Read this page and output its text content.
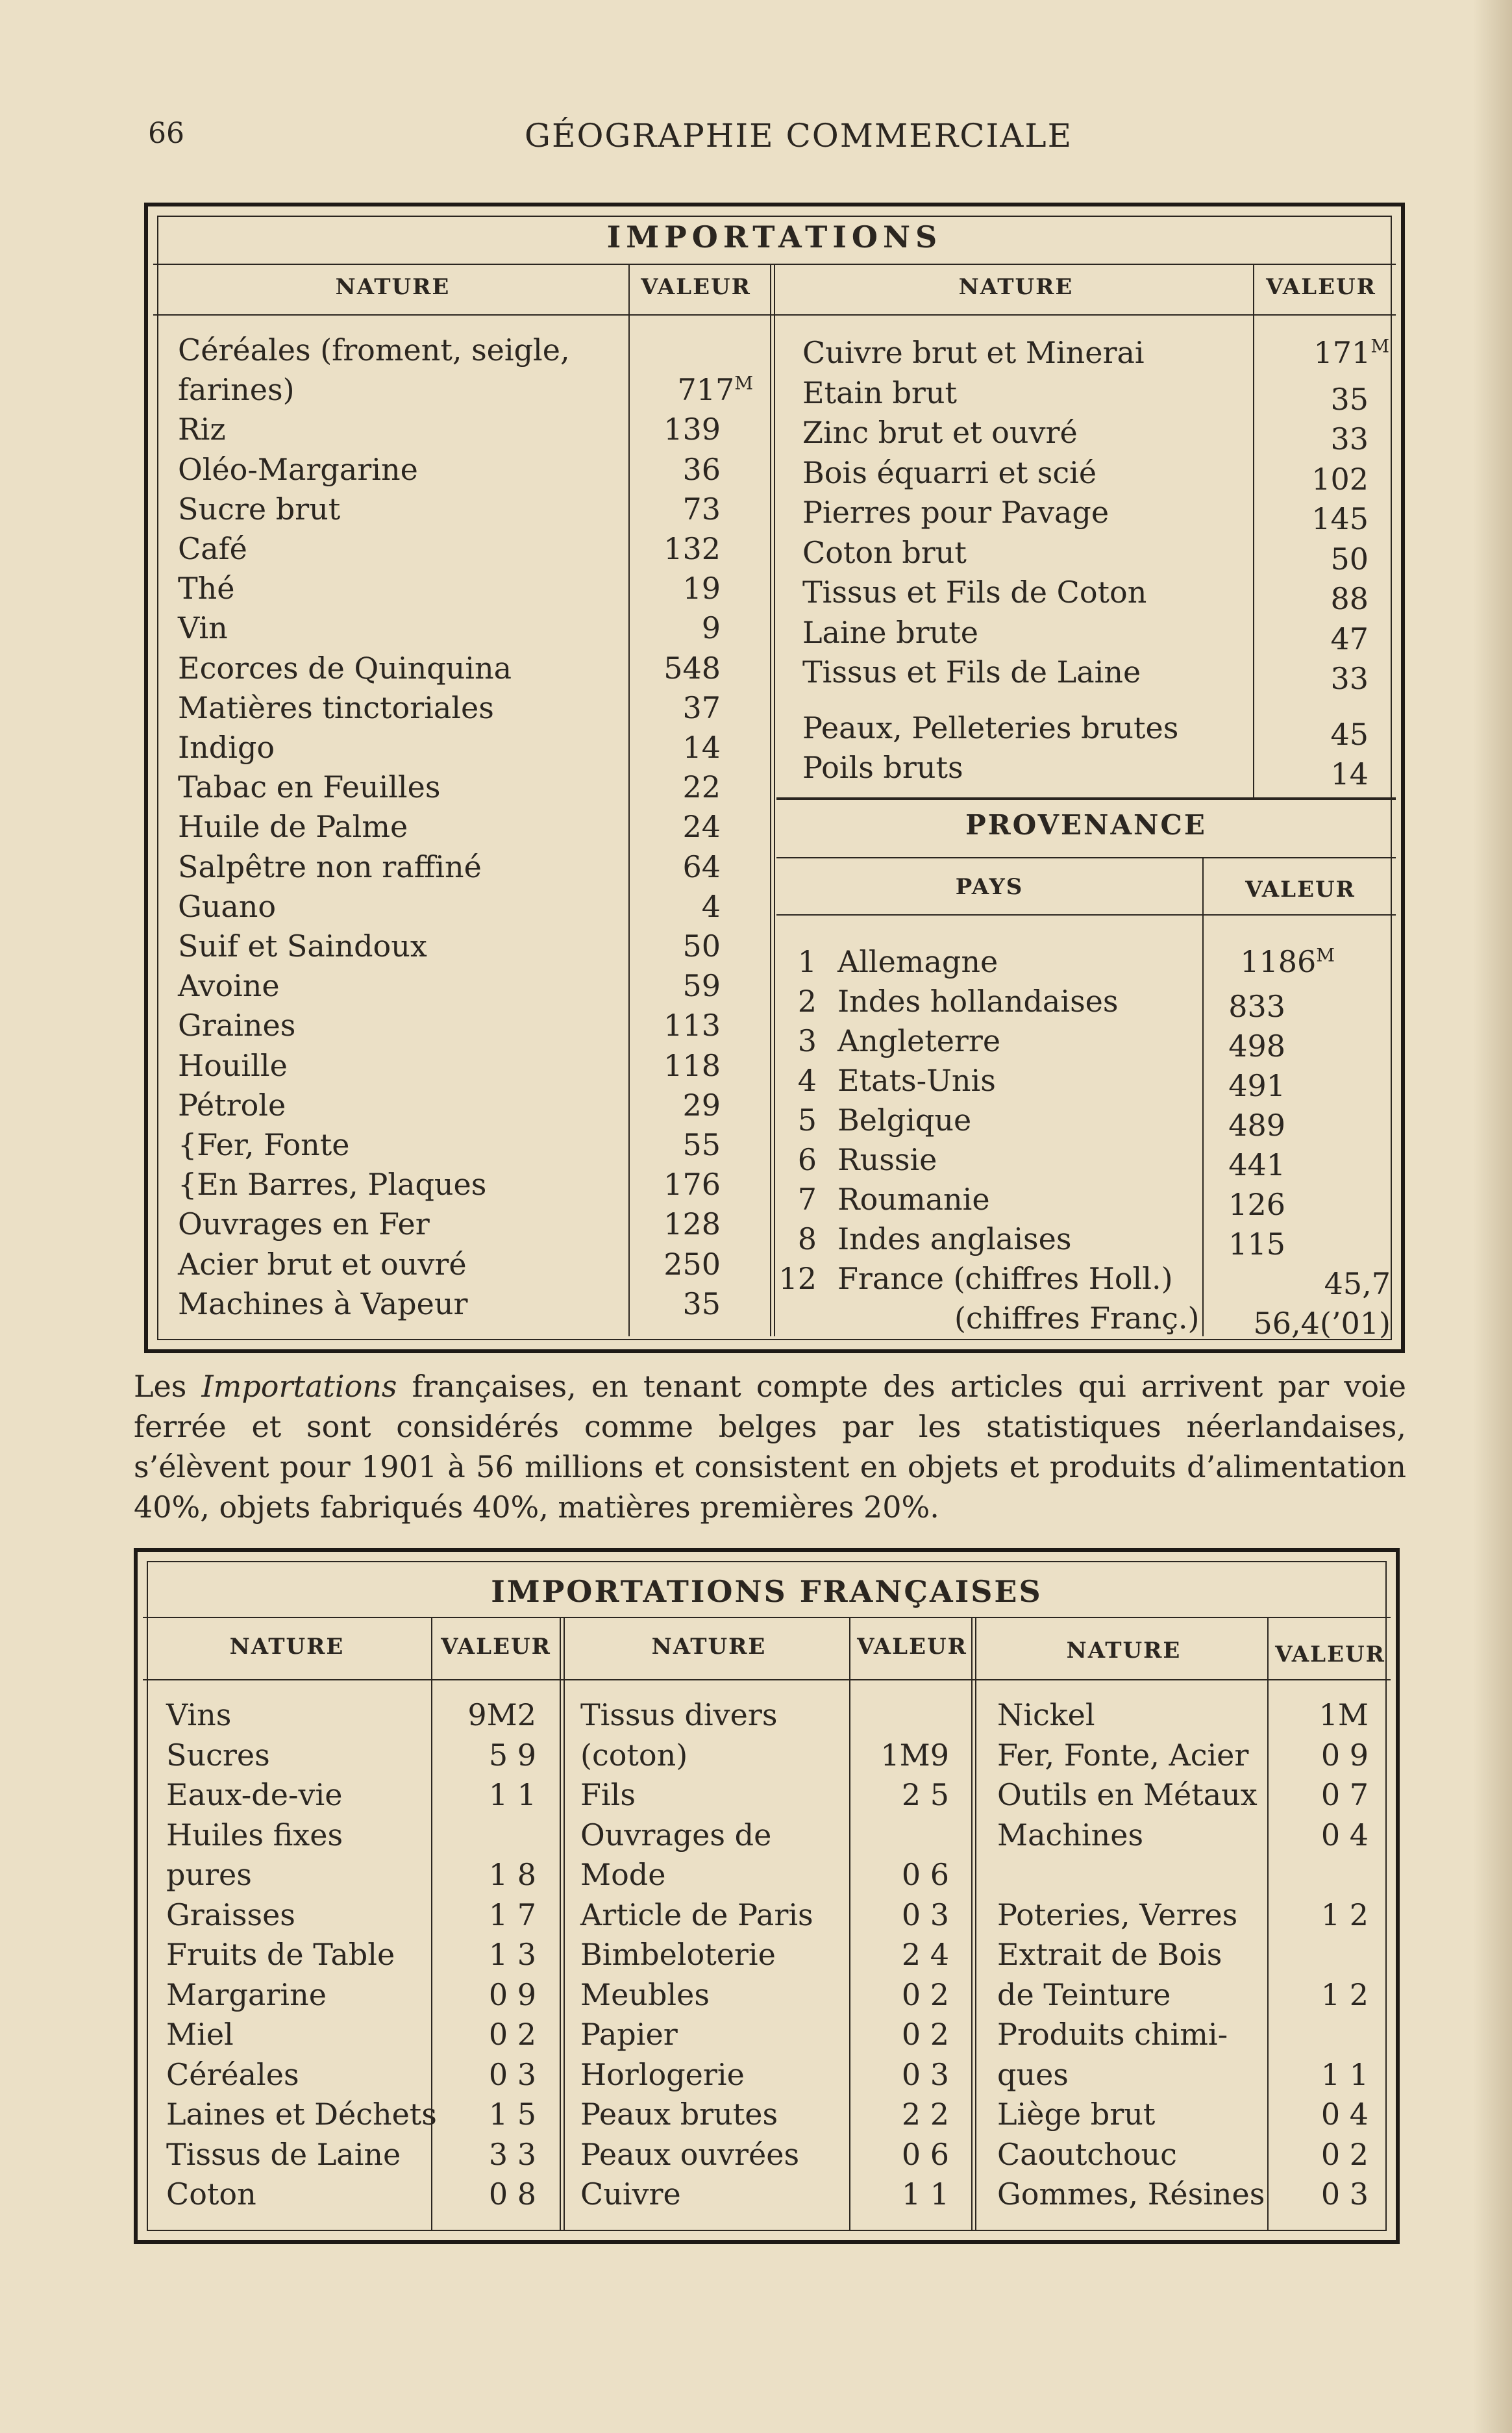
66	GÉOGRAPHIE COMMERCIALE
IMPORTATIONS
NATURE	VALEUR	NATURE	VALEUR
Céréales (froment, seigle,
farines)	$717^M$
Riz	139
Oléo-Margarine	36
Sucre brut	73
Café	132
Thé	19
Vin	9
Ecorces de Quinquina	548
Matières tinctoriales	37
Indigo	14
Tabac en Feuilles	22
Huile de Palme	24
Salpêtre non raffiné	64
Guano	4
Suif et Saindoux	50
Avoine	59
Graines	113
Houille	118
Pétrole	29
{Fer, Fonte	55
{En Barres, Plaques	176
Ouvrages en Fer	128
Acier brut et ouvré	250
Machines à Vapeur	35
Cuivre brut et Minerai	$171^M$
Etain brut	35
Zinc brut et ouvré	33
Bois équarri et scié	102
Pierres pour Pavage	145
Coton brut	50
Tissus et Fils de Coton	88
Laine brute	47
Tissus et Fils de Laine	33
Peaux, Pelleteries brutes	45
Poils bruts	14
PROVENANCE
PAYS	VALEUR
1 Allemagne	$1186^M$
2 Indes hollandaises	833
3 Angleterre	498
4 Etats-Unis	491
5 Belgique	489
6 Russie	441
7 Roumanie	126
8 Indes anglaises	115
12 France (chiffres Holl.)	45,7
(chiffres Franç.)	56,4(’01)
Les Importations françaises, en tenant compte des articles qui arrivent par voie ferrée et sont considérés comme belges par les statistiques néerlandaises, s’élèvent pour 1901 à 56 millions et consistent en objets et produits d’alimentation 40%, objets fabriqués 40%, matières premières 20%.
IMPORTATIONS FRANÇAISES
NATURE	VALEUR	NATURE	VALEUR	NATURE	VALEUR
Vins	9M2
Sucres	5 9
Eaux-de-vie	1 1
Huiles fixes
pures	1 8
Graisses	1 7
Fruits de Table	1 3
Margarine	0 9
Miel	0 2
Céréales	0 3
Laines et Déchets	1 5
Tissus de Laine	3 3
Coton	0 8
Tissus divers
(coton)	1M9
Fils	2 5
Ouvrages de
Mode	0 6
Article de Paris	0 3
Bimbeloterie	2 4
Meubles	0 2
Papier	0 2
Horlogerie	0 3
Peaux brutes	2 2
Peaux ouvrées	0 6
Cuivre	1 1
Nickel	1M
Fer, Fonte, Acier	0 9
Outils en Métaux	0 7
Machines	0 4
Poteries, Verres	1 2
Extrait de Bois
de Teinture	1 2
Produits chimi-
ques	1 1
Liège brut	0 4
Caoutchouc	0 2
Gommes, Résines	0 3
